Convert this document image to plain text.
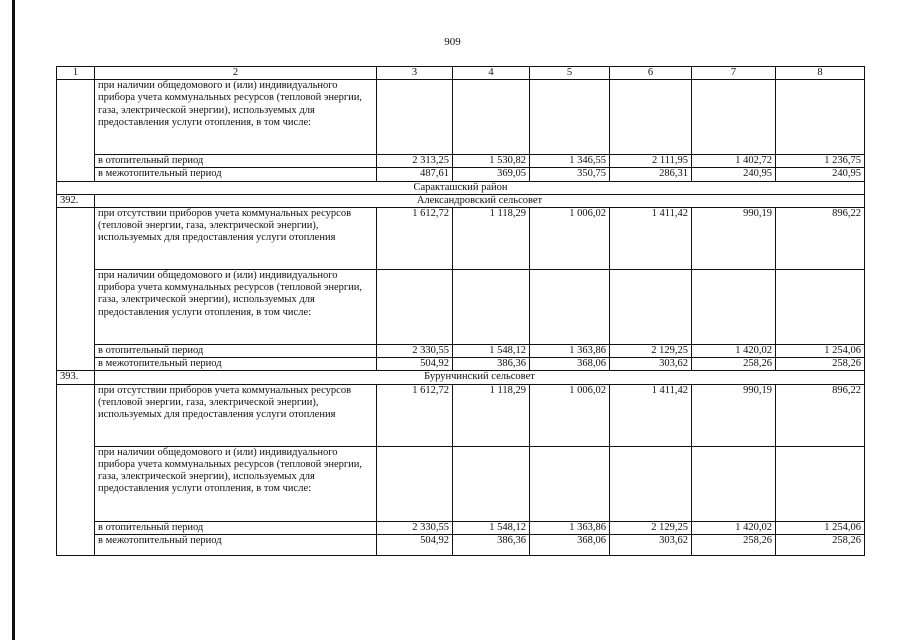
909
1	2	3	4	5	6	7	8
	при наличии общедомового и (или) индивидуального прибора учета коммунальных ресурсов (тепловой энергии, газа, электрической энергии), используемых для предоставления услуги отопления, в том числе:						
	в отопительный период	2 313,25	1 530,82	1 346,55	2 111,95	1 402,72	1 236,75
	в межотопительный период	487,61	369,05	350,75	286,31	240,95	240,95
Саракташский район							
392.	Александровский сельсовет						
	при отсутствии приборов учета коммунальных ресурсов (тепловой энергии, газа, электрической энергии), используемых для предоставления услуги отопления	1 612,72	1 118,29	1 006,02	1 411,42	990,19	896,22
	при наличии общедомового и (или) индивидуального прибора учета коммунальных ресурсов (тепловой энергии, газа, электрической энергии), используемых для предоставления услуги отопления, в том числе:						
	в отопительный период	2 330,55	1 548,12	1 363,86	2 129,25	1 420,02	1 254,06
	в межотопительный период	504,92	386,36	368,06	303,62	258,26	258,26
393.	Бурунчинский сельсовет						
	при отсутствии приборов учета коммунальных ресурсов (тепловой энергии, газа, электрической энергии), используемых для предоставления услуги отопления	1 612,72	1 118,29	1 006,02	1 411,42	990,19	896,22
	при наличии общедомового и (или) индивидуального прибора учета коммунальных ресурсов (тепловой энергии, газа, электрической энергии), используемых для предоставления услуги отопления, в том числе:						
	в отопительный период	2 330,55	1 548,12	1 363,86	2 129,25	1 420,02	1 254,06
	в межотопительный период	504,92	386,36	368,06	303,62	258,26	258,26
